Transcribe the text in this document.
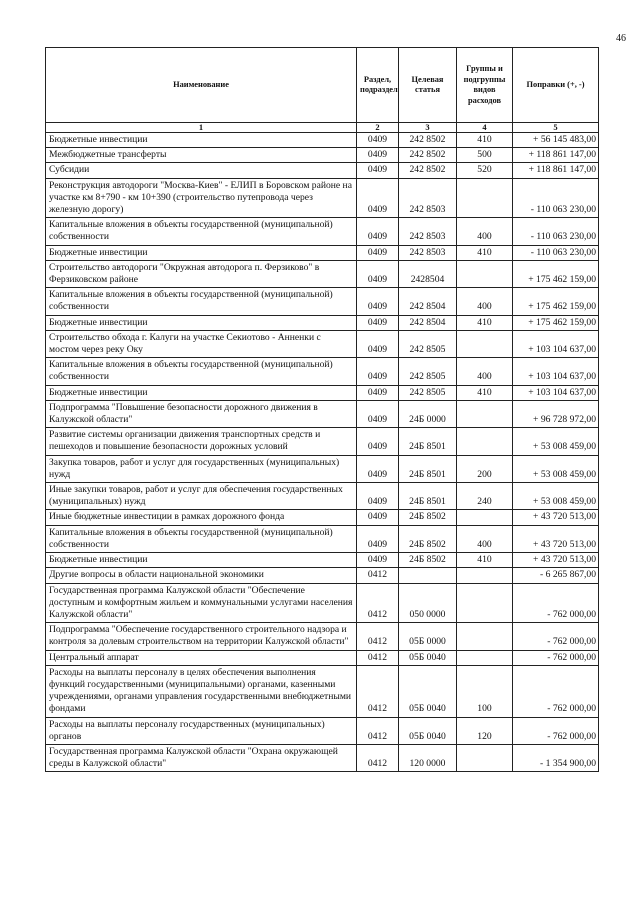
46
Наименование	Раздел, подраздел	Целевая статья	Группы и подгруппы видов расходов	Поправки (+, -)
1	2	3	4	5
Бюджетные инвестиции	0409	242 8502	410	+ 56 145 483,00
Межбюджетные трансферты	0409	242 8502	500	+ 118 861 147,00
Субсидии	0409	242 8502	520	+ 118 861 147,00
Реконструкция автодороги "Москва-Киев" - ЕЛИП в Боровском районе на участке км 8+790 - км 10+390 (строительство путепровода через железную дорогу)	0409	242 8503		- 110 063 230,00
Капитальные вложения в объекты государственной (муниципальной) собственности	0409	242 8503	400	- 110 063 230,00
Бюджетные инвестиции	0409	242 8503	410	- 110 063 230,00
Строительство автодороги "Окружная автодорога п. Ферзиково" в Ферзиковском районе	0409	2428504		+ 175 462 159,00
Капитальные вложения в объекты государственной (муниципальной) собственности	0409	242 8504	400	+ 175 462 159,00
Бюджетные инвестиции	0409	242 8504	410	+ 175 462 159,00
Строительство обхода г. Калуги на участке Секиотово - Анненки с мостом через реку Оку	0409	242 8505		+ 103 104 637,00
Капитальные вложения в объекты государственной (муниципальной) собственности	0409	242 8505	400	+ 103 104 637,00
Бюджетные инвестиции	0409	242 8505	410	+ 103 104 637,00
Подпрограмма "Повышение безопасности дорожного движения в Калужской области"	0409	24Б 0000		+ 96 728 972,00
Развитие системы организации движения транспортных средств и пешеходов и повышение безопасности дорожных условий	0409	24Б 8501		+ 53 008 459,00
Закупка товаров, работ и услуг для государственных (муниципальных) нужд	0409	24Б 8501	200	+ 53 008 459,00
Иные закупки товаров, работ и услуг для обеспечения государственных (муниципальных) нужд	0409	24Б 8501	240	+ 53 008 459,00
Иные бюджетные инвестиции в рамках дорожного фонда	0409	24Б 8502		+ 43 720 513,00
Капитальные вложения в объекты государственной (муниципальной) собственности	0409	24Б 8502	400	+ 43 720 513,00
Бюджетные инвестиции	0409	24Б 8502	410	+ 43 720 513,00
Другие вопросы в области национальной экономики	0412			- 6 265 867,00
Государственная программа Калужской области "Обеспечение доступным и комфортным жильем и коммунальными услугами населения Калужской области"	0412	050 0000		- 762 000,00
Подпрограмма "Обеспечение государственного строительного надзора и контроля за долевым строительством на территории Калужской области"	0412	05Б 0000		- 762 000,00
Центральный аппарат	0412	05Б 0040		- 762 000,00
Расходы на выплаты персоналу в целях обеспечения выполнения функций государственными (муниципальными) органами, казенными учреждениями, органами управления государственными внебюджетными фондами	0412	05Б 0040	100	- 762 000,00
Расходы на выплаты персоналу государственных (муниципальных) органов	0412	05Б 0040	120	- 762 000,00
Государственная программа Калужской области "Охрана окружающей среды в Калужской области"	0412	120 0000		- 1 354 900,00
